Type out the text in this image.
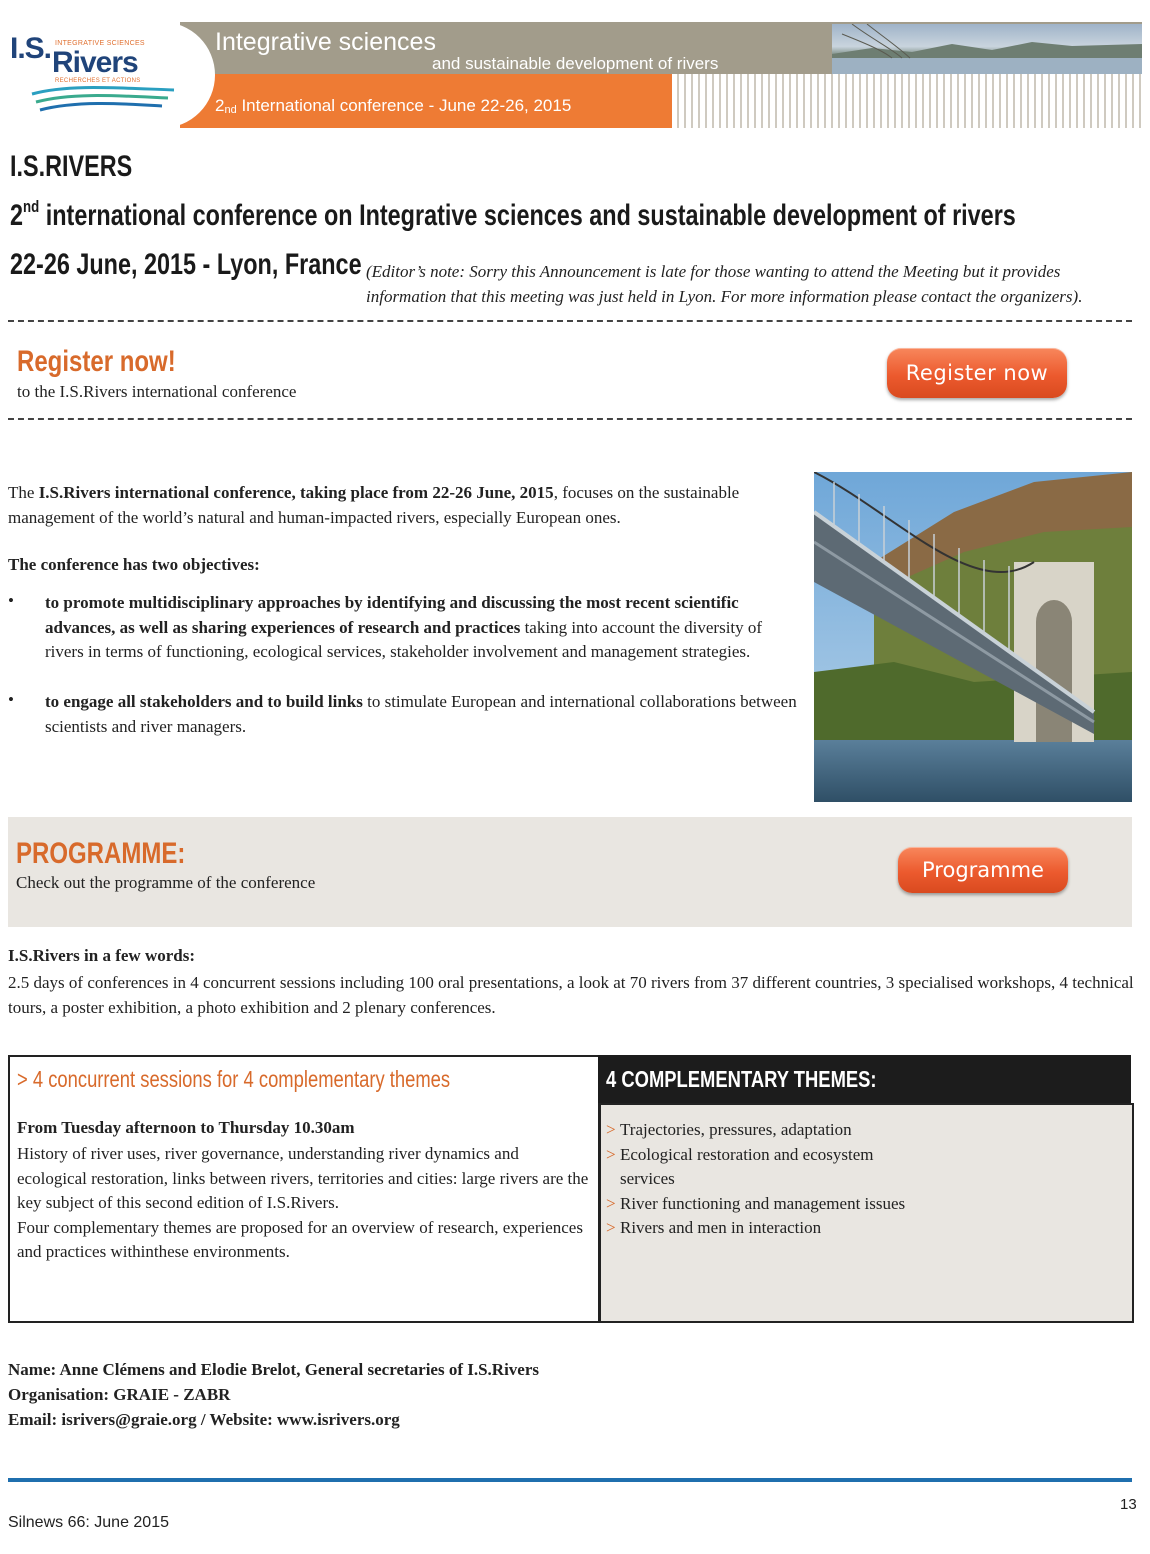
I.S. INTEGRATIVE SCIENCES
Rivers
RECHERCHES ET ACTIONS
Integrative sciences
and sustainable development of rivers
$2_{nd}$ International conference - June 22-26, 2015
I.S.RIVERS
2nd international conference on Integrative sciences and sustainable development of rivers
22-26 June, 2015 - Lyon, France (Editor’s note: Sorry this Announcement is late for those wanting to attend the Meeting but it provides information that this meeting was just held in Lyon. For more information please contact the organizers).
Register now!
to the I.S.Rivers international conference
Register now
The I.S.Rivers international conference, taking place from 22-26 June, 2015, focuses on the sustainable management of the world’s natural and human-impacted rivers, especially European ones.
The conference has two objectives:
• to promote multidisciplinary approaches by identifying and discussing the most recent scientific advances, as well as sharing experiences of research and practices taking into account the diversity of rivers in terms of functioning, ecological services, stakeholder involvement and management strategies.
• to engage all stakeholders and to build links to stimulate European and international collaborations between scientists and river managers.
PROGRAMME:
Check out the programme of the conference
Programme
I.S.Rivers in a few words:
2.5 days of conferences in 4 concurrent sessions including 100 oral presentations, a look at 70 rivers from 37 different countries, 3 specialised workshops, 4 technical tours, a poster exhibition, a photo exhibition and 2 plenary conferences.
> 4 concurrent sessions for 4 complementary themes	4 COMPLEMENTARY THEMES:
From Tuesday afternoon to Thursday 10.30am
History of river uses, river governance, understanding river dynamics and ecological restoration, links between rivers, territories and cities: large rivers are the key subject of this second edition of I.S.Rivers.
Four complementary themes are proposed for an overview of research, experiences and practices withinthese environments.
> Trajectories, pressures, adaptation
> Ecological restoration and ecosystem services
> River functioning and management issues
> Rivers and men in interaction
Name: Anne Clémens and Elodie Brelot, General secretaries of I.S.Rivers
Organisation: GRAIE - ZABR
Email: isrivers@graie.org / Website: www.isrivers.org
13
Silnews 66: June 2015
